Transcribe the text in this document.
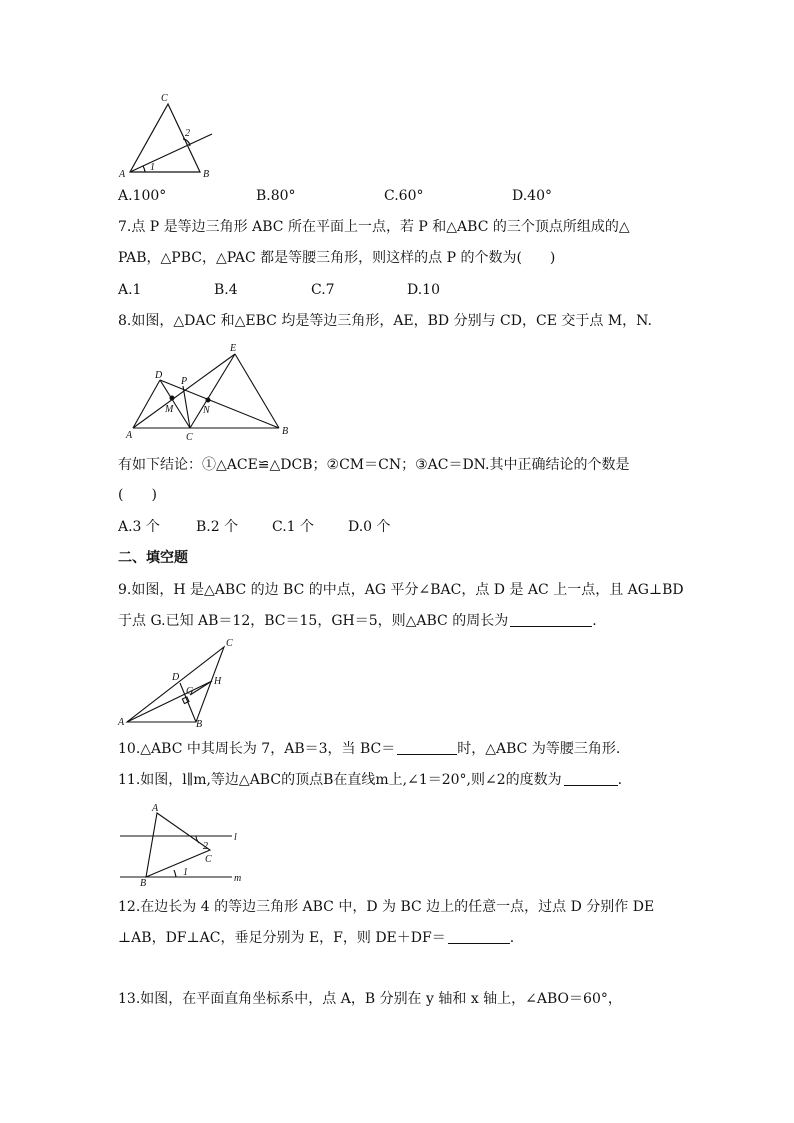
C
A	B
1
2
A.100°	B.80°	C.60°	D.40°
7.点 P 是等边三角形 ABC 所在平面上一点，若 P 和△ABC 的三个顶点所组成的△
PAB，△PBC，△PAC 都是等腰三角形，则这样的点 P 的个数为(　　)
A.1	B.4	C.7	D.10
8.如图，△DAC 和△EBC 均是等边三角形，AE，BD 分别与 CD，CE 交于点 M，N.
D
E
P
M	N
A	C
B
有如下结论：①△ACE≌△DCB；②CM＝CN；③AC＝DN.其中正确结论的个数是
(　　)
A.3 个	B.2 个 C.1 个 D.0 个
二、填空题
9.如图，H 是△ABC 的边 BC 的中点，AG 平分∠BAC，点 D 是 AC 上一点，且 AG⊥BD
于点 G.已知 AB＝12，BC＝15，GH＝5，则△ABC 的周长为	.
C
D	H
G
A	B
10.△ABC 中其周长为 7，AB＝3，当 BC＝	时，△ABC 为等腰三角形.
11.如图，l∥m,等边△ABC的顶点B在直线m上,∠1＝20°,则∠2的度数为	.
A
B
C
1
2
l
m
12.在边长为 4 的等边三角形 ABC 中，D 为 BC 边上的任意一点，过点 D 分别作 DE
⊥AB，DF⊥AC，垂足分别为 E，F，则 DE＋DF＝	.
13.如图，在平面直角坐标系中，点 A，B 分别在 y 轴和 x 轴上，∠ABO＝60°，
